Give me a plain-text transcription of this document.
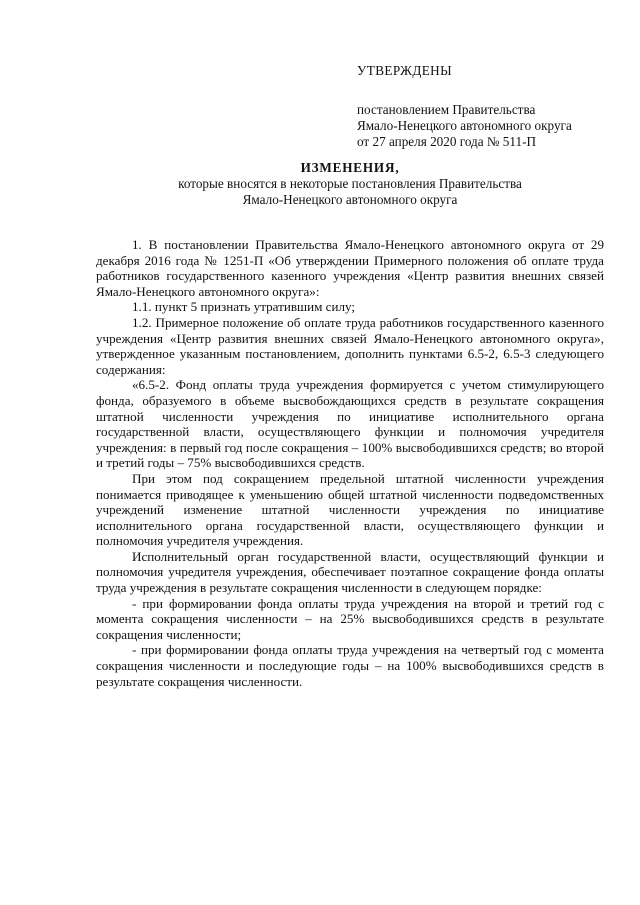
УТВЕРЖДЕНЫ
постановлением Правительства
Ямало-Ненецкого автономного округа
от 27 апреля 2020 года № 511-П
ИЗМЕНЕНИЯ,
которые вносятся в некоторые постановления Правительства
Ямало-Ненецкого автономного округа

1. В постановлении Правительства Ямало-Ненецкого автономного округа от 29 декабря 2016 года № 1251-П «Об утверждении Примерного положения об оплате труда работников государственного казенного учреждения «Центр развития внешних связей Ямало-Ненецкого автономного округа»:

1.1. пункт 5 признать утратившим силу;

1.2. Примерное положение об оплате труда работников государственного казенного учреждения «Центр развития внешних связей Ямало-Ненецкого автономного округа», утвержденное указанным постановлением, дополнить пунктами 6.5-2, 6.5-3 следующего содержания:

«6.5-2. Фонд оплаты труда учреждения формируется с учетом стимулирующего фонда, образуемого в объеме высвобождающихся средств в результате сокращения штатной численности учреждения по инициативе исполнительного органа государственной власти, осуществляющего функции и полномочия учредителя учреждения: в первый год после сокращения – 100% высвободившихся средств; во второй и третий годы – 75% высвободившихся средств.

При этом под сокращением предельной штатной численности учреждения понимается приводящее к уменьшению общей штатной численности подведомственных учреждений изменение штатной численности учреждения по инициативе исполнительного органа государственной власти, осуществляющего функции и полномочия учредителя учреждения.

Исполнительный орган государственной власти, осуществляющий функции и полномочия учредителя учреждения, обеспечивает поэтапное сокращение фонда оплаты труда учреждения в результате сокращения численности в следующем порядке:

- при формировании фонда оплаты труда учреждения на второй и третий год с момента сокращения численности – на 25% высвободившихся средств в результате сокращения численности;

- при формировании фонда оплаты труда учреждения на четвертый год с момента сокращения численности и последующие годы – на 100% высвободившихся средств в результате сокращения численности.
